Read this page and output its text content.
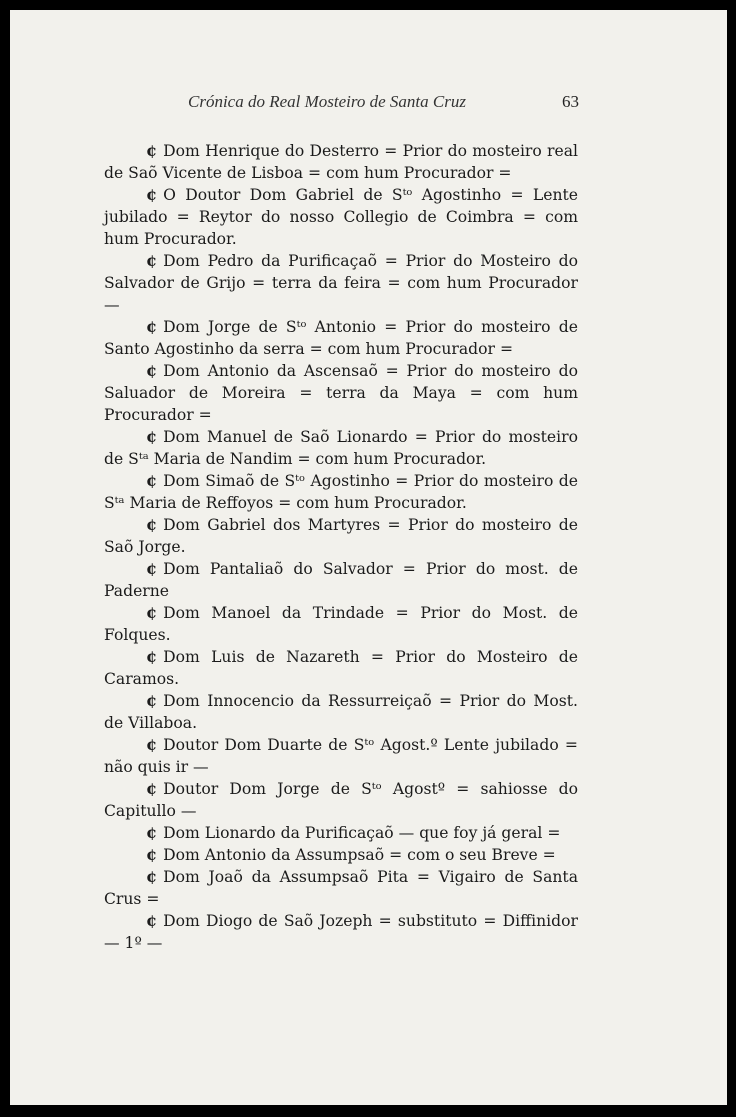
Crónica do Real Mosteiro de Santa Cruz	63

¢ Dom Henrique do Desterro = Prior do mosteiro real de Saõ Vicente de Lisboa = com hum Procurador =

¢ O Doutor Dom Gabriel de Sᵗᵒ Agostinho = Lente jubilado = Reytor do nosso Collegio de Coimbra = com hum Procurador.

¢ Dom Pedro da Purificaçaõ = Prior do Mosteiro do Salvador de Grijo = terra da feira = com hum Procurador —

¢ Dom Jorge de Sᵗᵒ Antonio = Prior do mosteiro de Santo Agostinho da serra = com hum Procurador =

¢ Dom Antonio da Ascensaõ = Prior do mosteiro do Saluador de Moreira = terra da Maya = com hum Procurador =

¢ Dom Manuel de Saõ Lionardo = Prior do mosteiro de Sᵗᵃ Maria de Nandim = com hum Procurador.

¢ Dom Simaõ de Sᵗᵒ Agostinho = Prior do mosteiro de Sᵗᵃ Maria de Reffoyos = com hum Procurador.

¢ Dom Gabriel dos Martyres = Prior do mosteiro de Saõ Jorge.

¢ Dom Pantaliaõ do Salvador = Prior do most. de Paderne

¢ Dom Manoel da Trindade = Prior do Most. de Folques.

¢ Dom Luis de Nazareth = Prior do Mosteiro de Caramos.

¢ Dom Innocencio da Ressurreiçaõ = Prior do Most. de Villaboa.

¢ Doutor Dom Duarte de Sᵗᵒ Agost.º Lente jubilado = não quis ir —

¢ Doutor Dom Jorge de Sᵗᵒ Agostº = sahiosse do Capitullo —

¢ Dom Lionardo da Purificaçaõ — que foy já geral =

¢ Dom Antonio da Assumpsaõ = com o seu Breve =

¢ Dom Joaõ da Assumpsaõ Pita = Vigairo de Santa Crus =

¢ Dom Diogo de Saõ Jozeph = substituto = Diffinidor — 1º —
